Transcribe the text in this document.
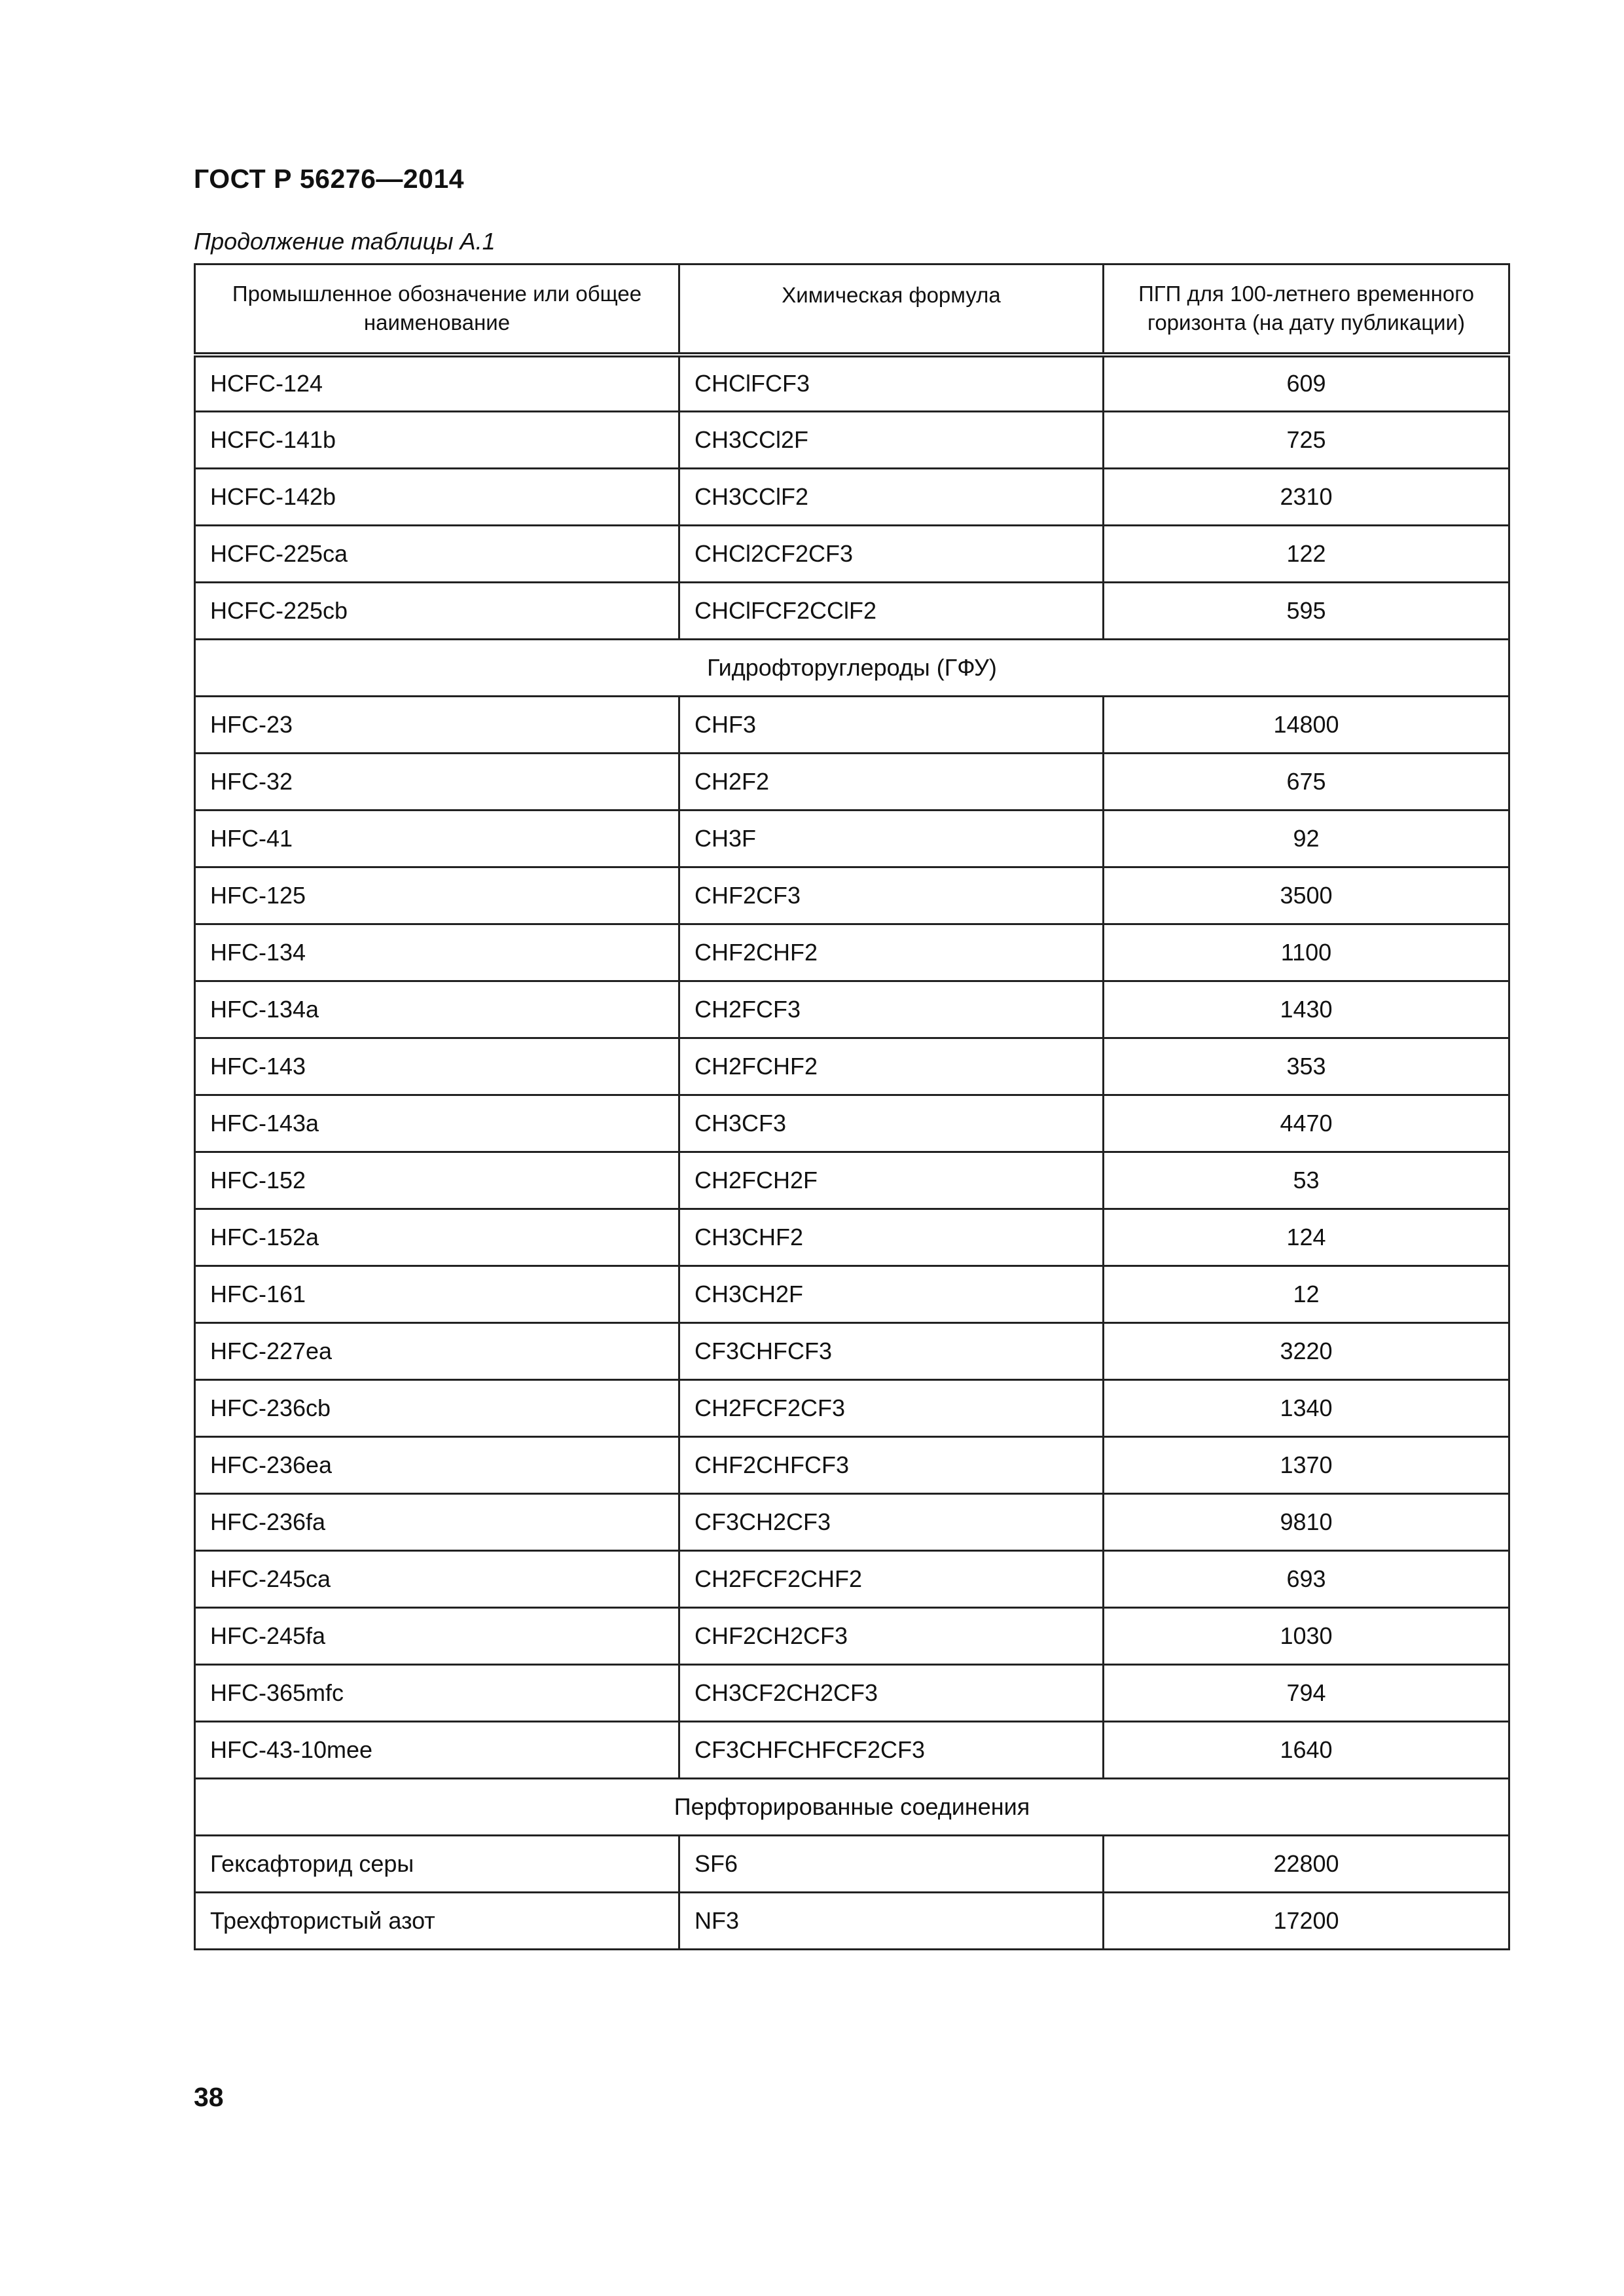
ГОСТ Р 56276—2014
Продолжение таблицы А.1
Промышленное обозначение или общее наименование	Химическая формула	ПГП для 100-летнего временного горизонта (на дату публикации)
HCFC-124	CHClFCF3	609
HCFC-141b	CH3CCl2F	725
HCFC-142b	CH3CClF2	2310
HCFC-225ca	CHCl2CF2CF3	122
HCFC-225cb	CHClFCF2CClF2	595
Гидрофторуглероды (ГФУ)		
HFC-23	CHF3	14800
HFC-32	CH2F2	675
HFC-41	CH3F	92
HFC-125	CHF2CF3	3500
HFC-134	CHF2CHF2	1100
HFC-134a	CH2FCF3	1430
HFC-143	CH2FCHF2	353
HFC-143a	CH3CF3	4470
HFC-152	CH2FCH2F	53
HFC-152a	CH3CHF2	124
HFC-161	CH3CH2F	12
HFC-227ea	CF3CHFCF3	3220
HFC-236cb	CH2FCF2CF3	1340
HFC-236ea	CHF2CHFCF3	1370
HFC-236fa	CF3CH2CF3	9810
HFC-245ca	CH2FCF2CHF2	693
HFC-245fa	CHF2CH2CF3	1030
HFC-365mfc	CH3CF2CH2CF3	794
HFC-43-10mee	CF3CHFCHFCF2CF3	1640
Перфторированные соединения		
Гексафторид серы	SF6	22800
Трехфтористый азот	NF3	17200
38
